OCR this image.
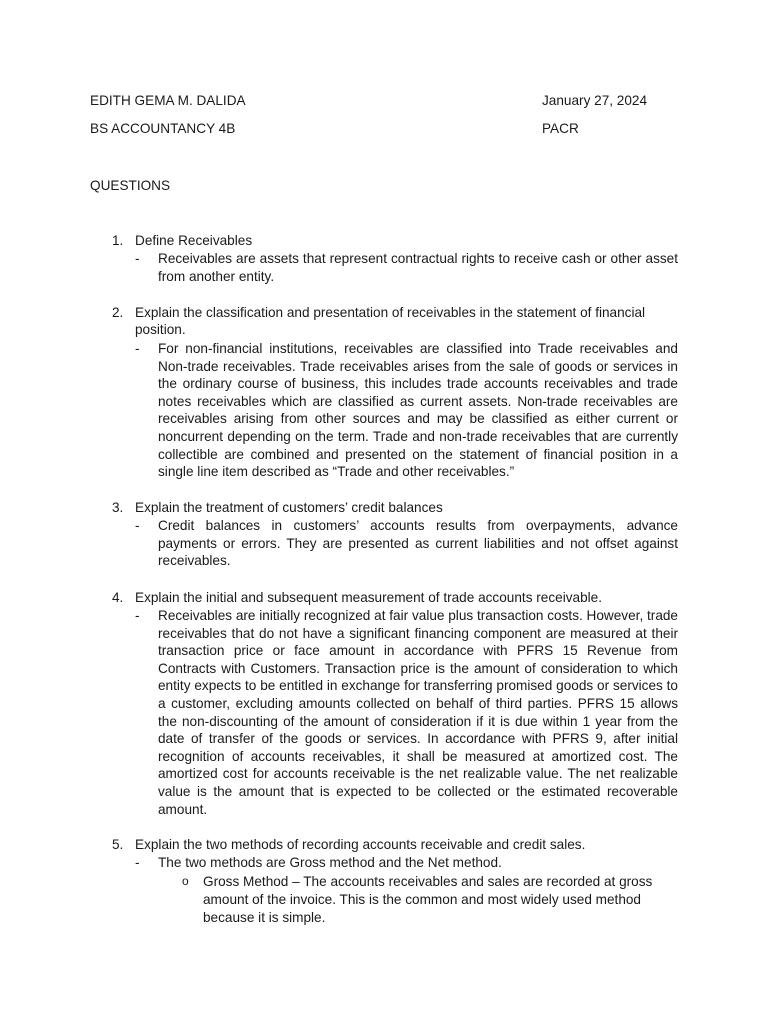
EDITH GEMA M. DALIDA	January 27, 2024
BS ACCOUNTANCY 4B	PACR
QUESTIONS
1. Define Receivables
- Receivables are assets that represent contractual rights to receive cash or other asset from another entity.
2. Explain the classification and presentation of receivables in the statement of financial
position.
- For non-financial institutions, receivables are classified into Trade receivables and Non-trade receivables. Trade receivables arises from the sale of goods or services in the ordinary course of business, this includes trade accounts receivables and trade notes receivables which are classified as current assets. Non-trade receivables are receivables arising from other sources and may be classified as either current or noncurrent depending on the term. Trade and non-trade receivables that are currently collectible are combined and presented on the statement of financial position in a single line item described as “Trade and other receivables.”
3. Explain the treatment of customers’ credit balances
- Credit balances in customers’ accounts results from overpayments, advance payments or errors. They are presented as current liabilities and not offset against receivables.
4. Explain the initial and subsequent measurement of trade accounts receivable.
- Receivables are initially recognized at fair value plus transaction costs. However, trade receivables that do not have a significant financing component are measured at their transaction price or face amount in accordance with PFRS 15 Revenue from Contracts with Customers. Transaction price is the amount of consideration to which entity expects to be entitled in exchange for transferring promised goods or services to a customer, excluding amounts collected on behalf of third parties. PFRS 15 allows the non-discounting of the amount of consideration if it is due within 1 year from the date of transfer of the goods or services. In accordance with PFRS 9, after initial recognition of accounts receivables, it shall be measured at amortized cost. The amortized cost for accounts receivable is the net realizable value. The net realizable value is the amount that is expected to be collected or the estimated recoverable amount.
5. Explain the two methods of recording accounts receivable and credit sales.
- The two methods are Gross method and the Net method.
o Gross Method – The accounts receivables and sales are recorded at gross
amount of the invoice. This is the common and most widely used method
because it is simple.
